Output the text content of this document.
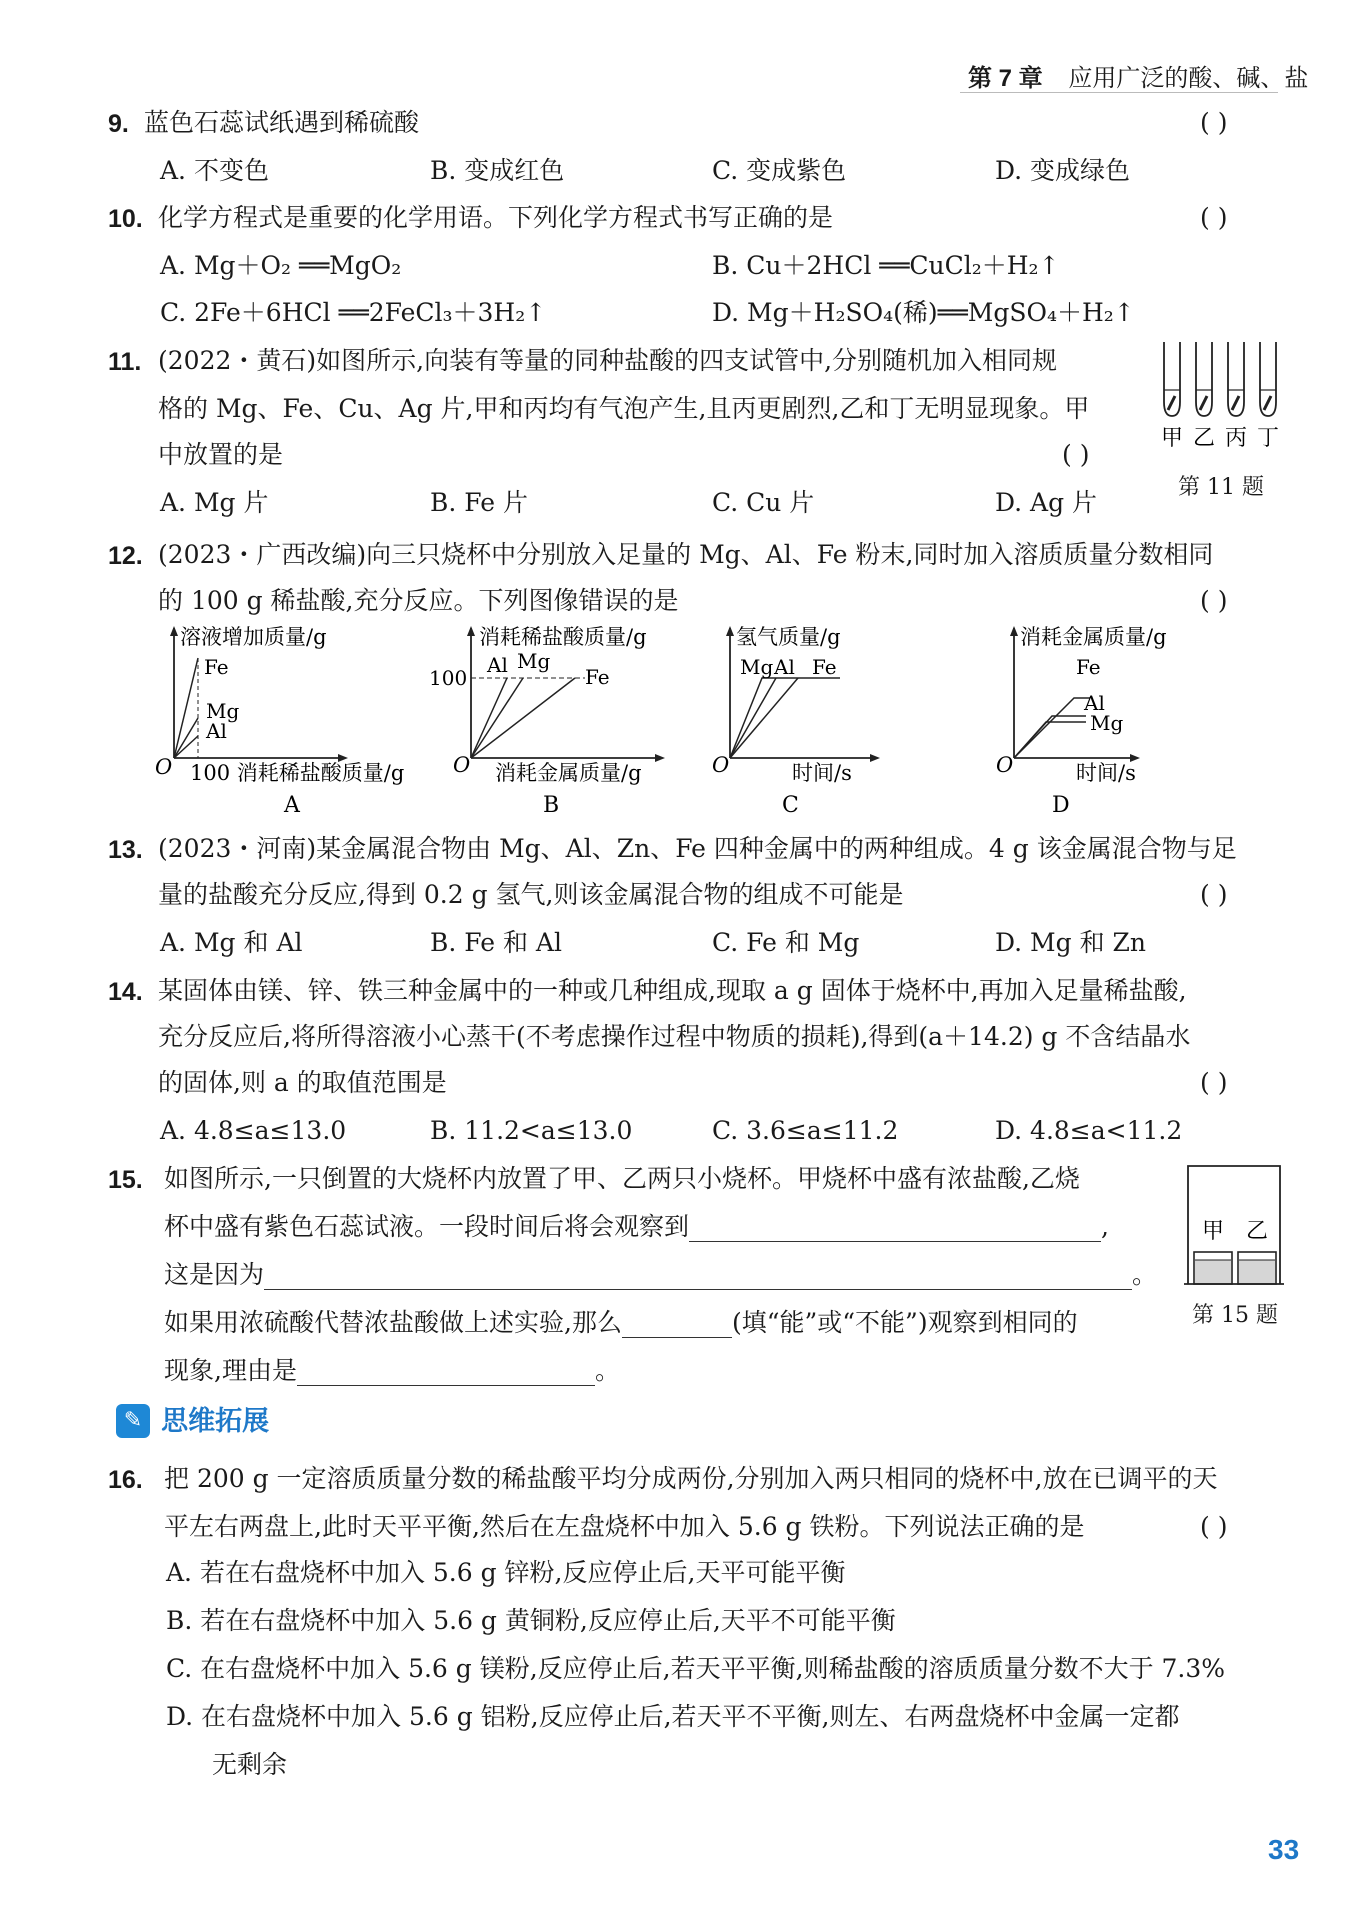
第 7 章 应用广泛的酸、碱、盐
9. 蓝色石蕊试纸遇到稀硫酸	( )
A. 不变色	B. 变成红色	C. 变成紫色	D. 变成绿色
10. 化学方程式是重要的化学用语。下列化学方程式书写正确的是	( )
A. Mg＋O₂ ══MgO₂	B. Cu＋2HCl ══CuCl₂＋H₂↑
C. 2Fe＋6HCl ══2FeCl₃＋3H₂↑	D. Mg＋H₂SO₄(稀)══MgSO₄＋H₂↑
11. (2022・黄石)如图所示,向装有等量的同种盐酸的四支试管中,分别随机加入相同规
格的 Mg、Fe、Cu、Ag 片,甲和丙均有气泡产生,且丙更剧烈,乙和丁无明显现象。甲
中放置的是	( )
A. Mg 片	B. Fe 片	C. Cu 片	D. Ag 片
甲 乙 丙 丁
第 11 题
12. (2023・广西改编)向三只烧杯中分别放入足量的 Mg、Al、Fe 粉末,同时加入溶质质量分数相同
的 100 g 稀盐酸,充分反应。下列图像错误的是	( )
溶液增加质量/g
Fe
Mg
Al
O 100 消耗稀盐酸质量/g
A
消耗稀盐酸质量/g
100
Al Mg
Fe
O 消耗金属质量/g
B
氢气质量/g
Mg Al Fe
O	时间/s
C
消耗金属质量/g
Fe
Al
Mg
O	时间/s
D
13. (2023・河南)某金属混合物由 Mg、Al、Zn、Fe 四种金属中的两种组成。4 g 该金属混合物与足
量的盐酸充分反应,得到 0.2 g 氢气,则该金属混合物的组成不可能是	( )
A. Mg 和 Al	B. Fe 和 Al	C. Fe 和 Mg	D. Mg 和 Zn
14. 某固体由镁、锌、铁三种金属中的一种或几种组成,现取 a g 固体于烧杯中,再加入足量稀盐酸,
充分反应后,将所得溶液小心蒸干(不考虑操作过程中物质的损耗),得到(a＋14.2) g 不含结晶水
的固体,则 a 的取值范围是	( )
A. 4.8≤a≤13.0	B. 11.2<a≤13.0	C. 3.6≤a≤11.2	D. 4.8≤a<11.2
15. 如图所示,一只倒置的大烧杯内放置了甲、乙两只小烧杯。甲烧杯中盛有浓盐酸,乙烧
杯中盛有紫色石蕊试液。一段时间后将会观察到	,
这是因为	。
如果用浓硫酸代替浓盐酸做上述实验,那么	(填“能”或“不能”)观察到相同的
现象,理由是	。
甲 乙
第 15 题
✎ 思维拓展
16. 把 200 g 一定溶质质量分数的稀盐酸平均分成两份,分别加入两只相同的烧杯中,放在已调平的天
平左右两盘上,此时天平平衡,然后在左盘烧杯中加入 5.6 g 铁粉。下列说法正确的是	( )
A. 若在右盘烧杯中加入 5.6 g 锌粉,反应停止后,天平可能平衡
B. 若在右盘烧杯中加入 5.6 g 黄铜粉,反应停止后,天平不可能平衡
C. 在右盘烧杯中加入 5.6 g 镁粉,反应停止后,若天平平衡,则稀盐酸的溶质质量分数不大于 7.3%
D. 在右盘烧杯中加入 5.6 g 铝粉,反应停止后,若天平不平衡,则左、右两盘烧杯中金属一定都
无剩余
33
